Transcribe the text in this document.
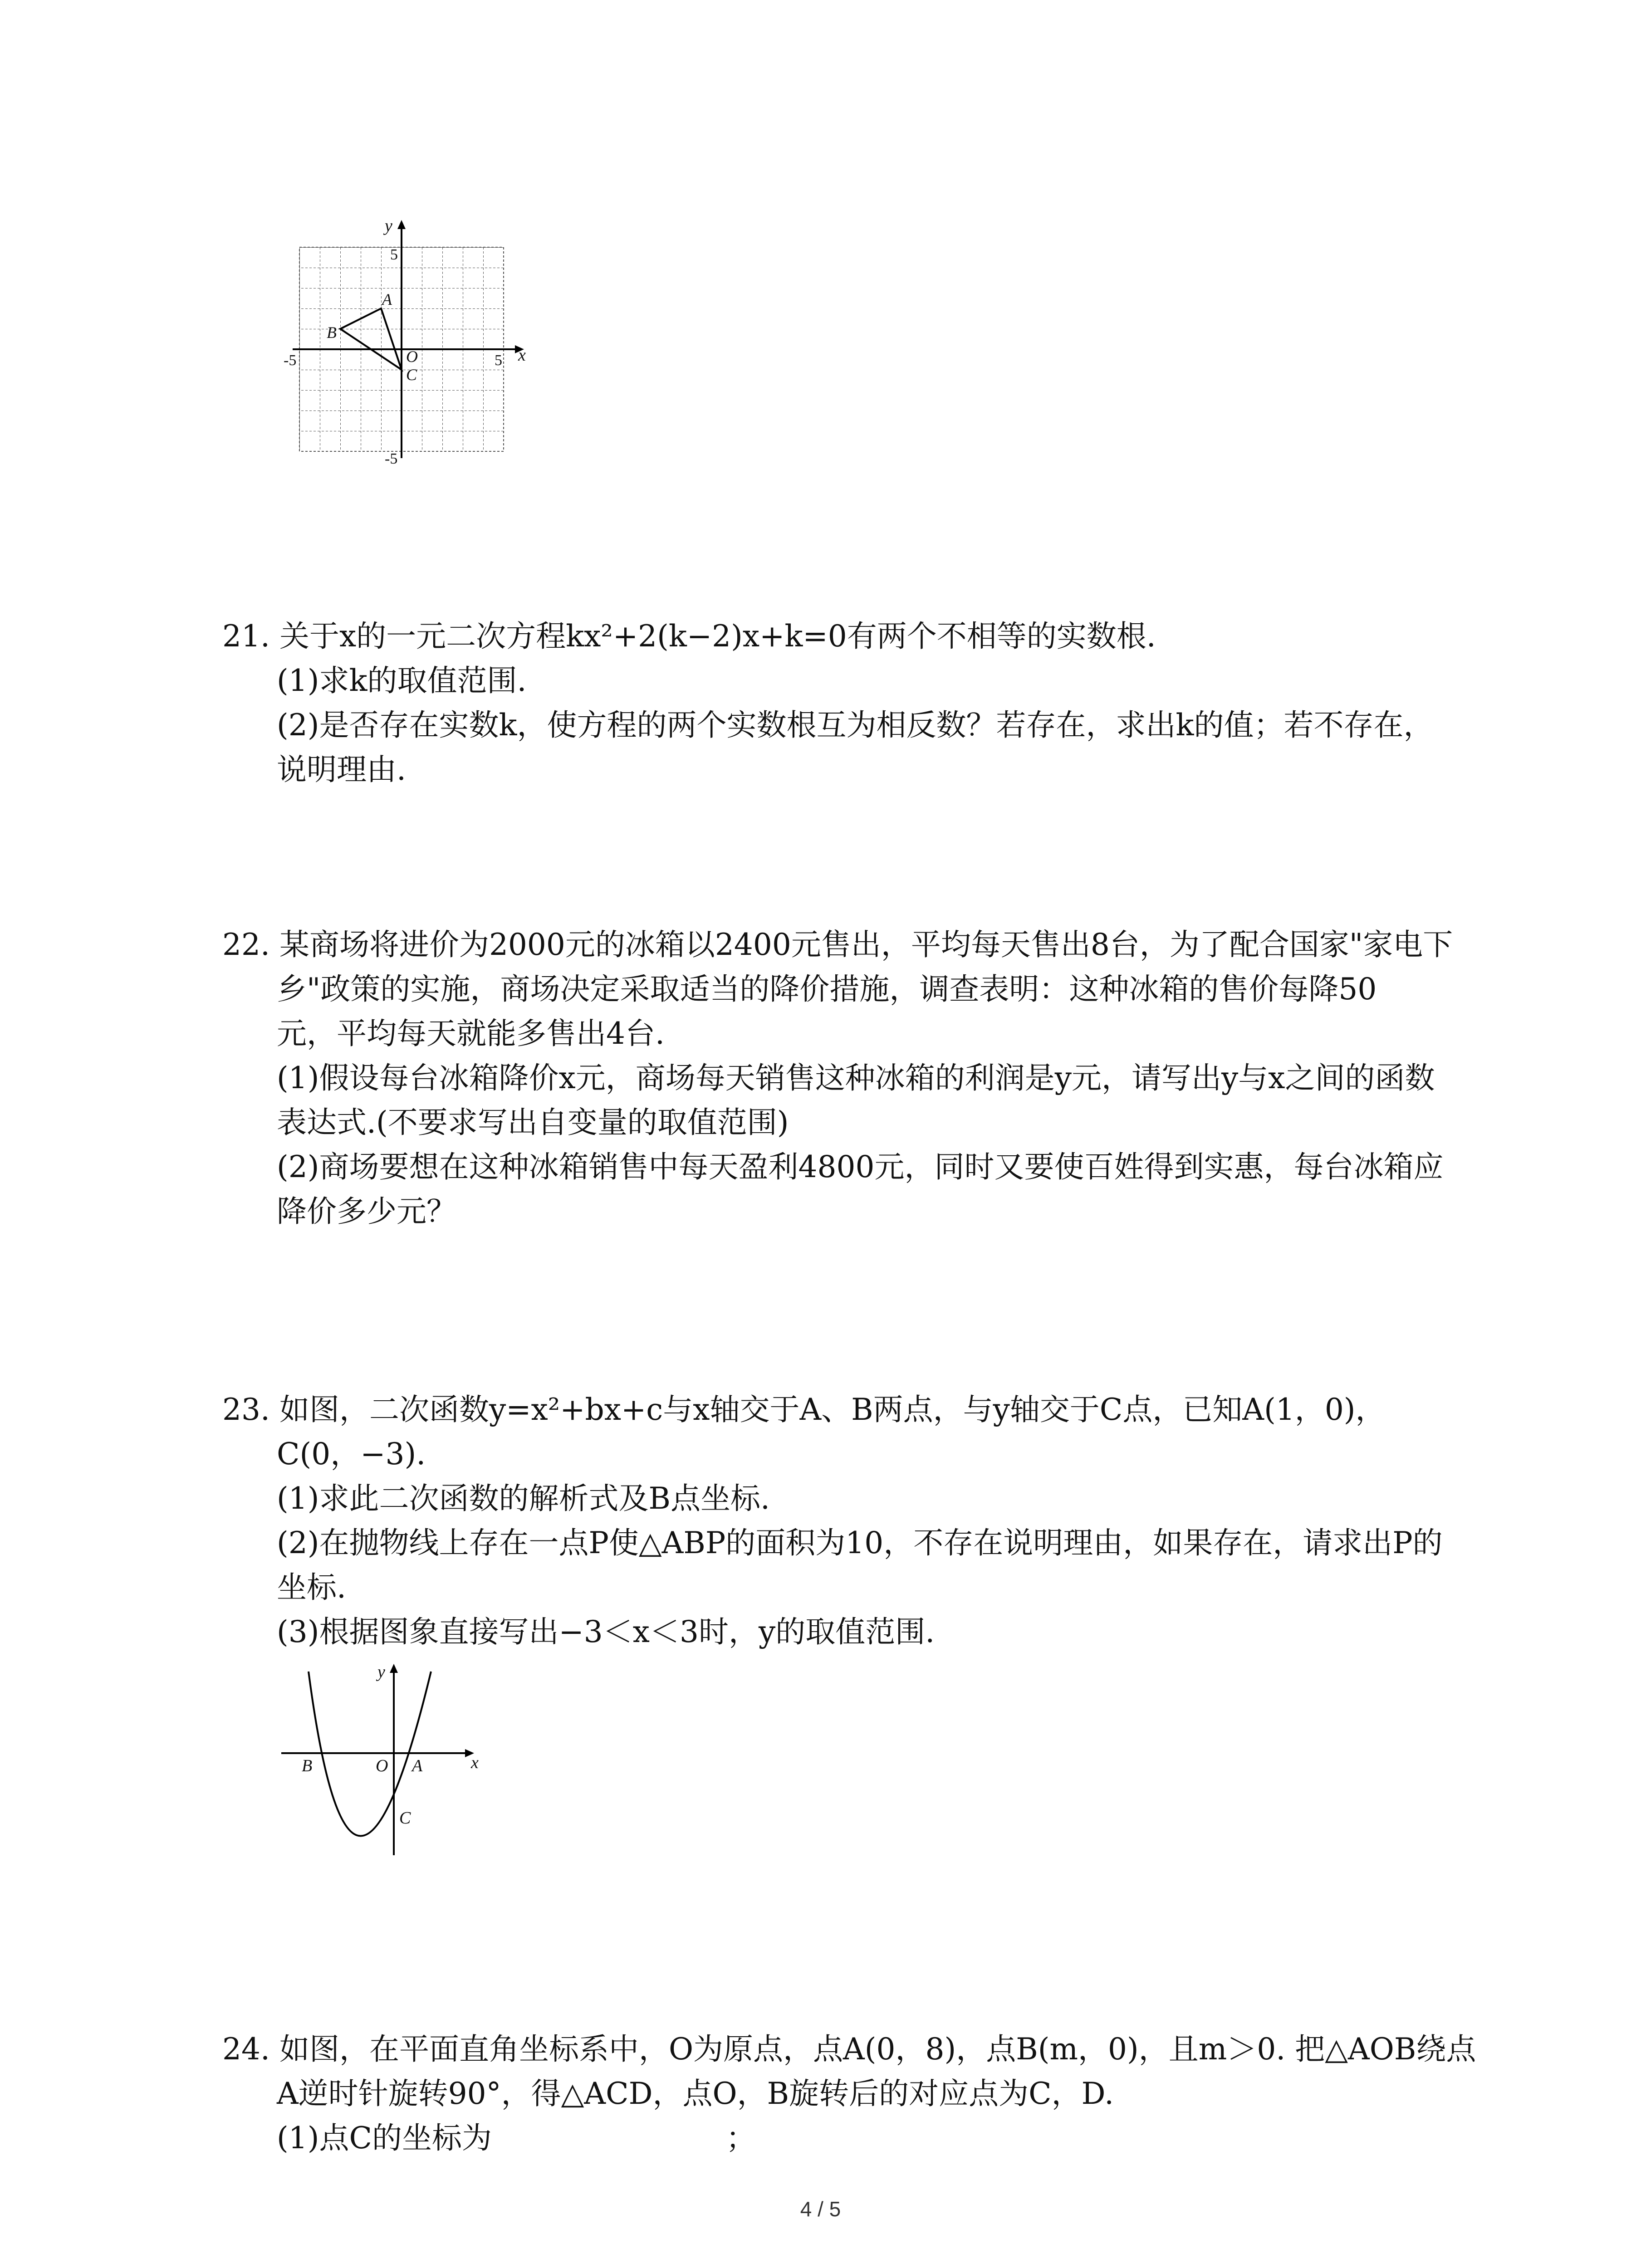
y
x
5
5
-5
-5
A
B
O
C

21. 关于x的一元二次方程kx²+2(k−2)x+k=0有两个不相等的实数根.

(1)求k的取值范围.

(2)是否存在实数k，使方程的两个实数根互为相反数？若存在，求出k的值；若不存在，

说明理由.

22. 某商场将进价为2000元的冰箱以2400元售出，平均每天售出8台，为了配合国家"家电下

乡"政策的实施，商场决定采取适当的降价措施，调查表明：这种冰箱的售价每降50

元，平均每天就能多售出4台.

(1)假设每台冰箱降价x元，商场每天销售这种冰箱的利润是y元，请写出y与x之间的函数

表达式.(不要求写出自变量的取值范围)

(2)商场要想在这种冰箱销售中每天盈利4800元，同时又要使百姓得到实惠，每台冰箱应

降价多少元？

23. 如图，二次函数y=x²+bx+c与x轴交于A、B两点，与y轴交于C点，已知A(1，0)，

C(0，−3).

(1)求此二次函数的解析式及B点坐标.

(2)在抛物线上存在一点P使△ABP的面积为10，不存在说明理由，如果存在，请求出P的

坐标.

(3)根据图象直接写出−3＜x＜3时，y的取值范围.

y
x
B	O A
C

24. 如图，在平面直角坐标系中，O为原点，点A(0，8)，点B(m，0)，且m＞0. 把△AOB绕点

A逆时针旋转90°，得△ACD，点O，B旋转后的对应点为C，D.

(1)点C的坐标为	；
4 / 5
